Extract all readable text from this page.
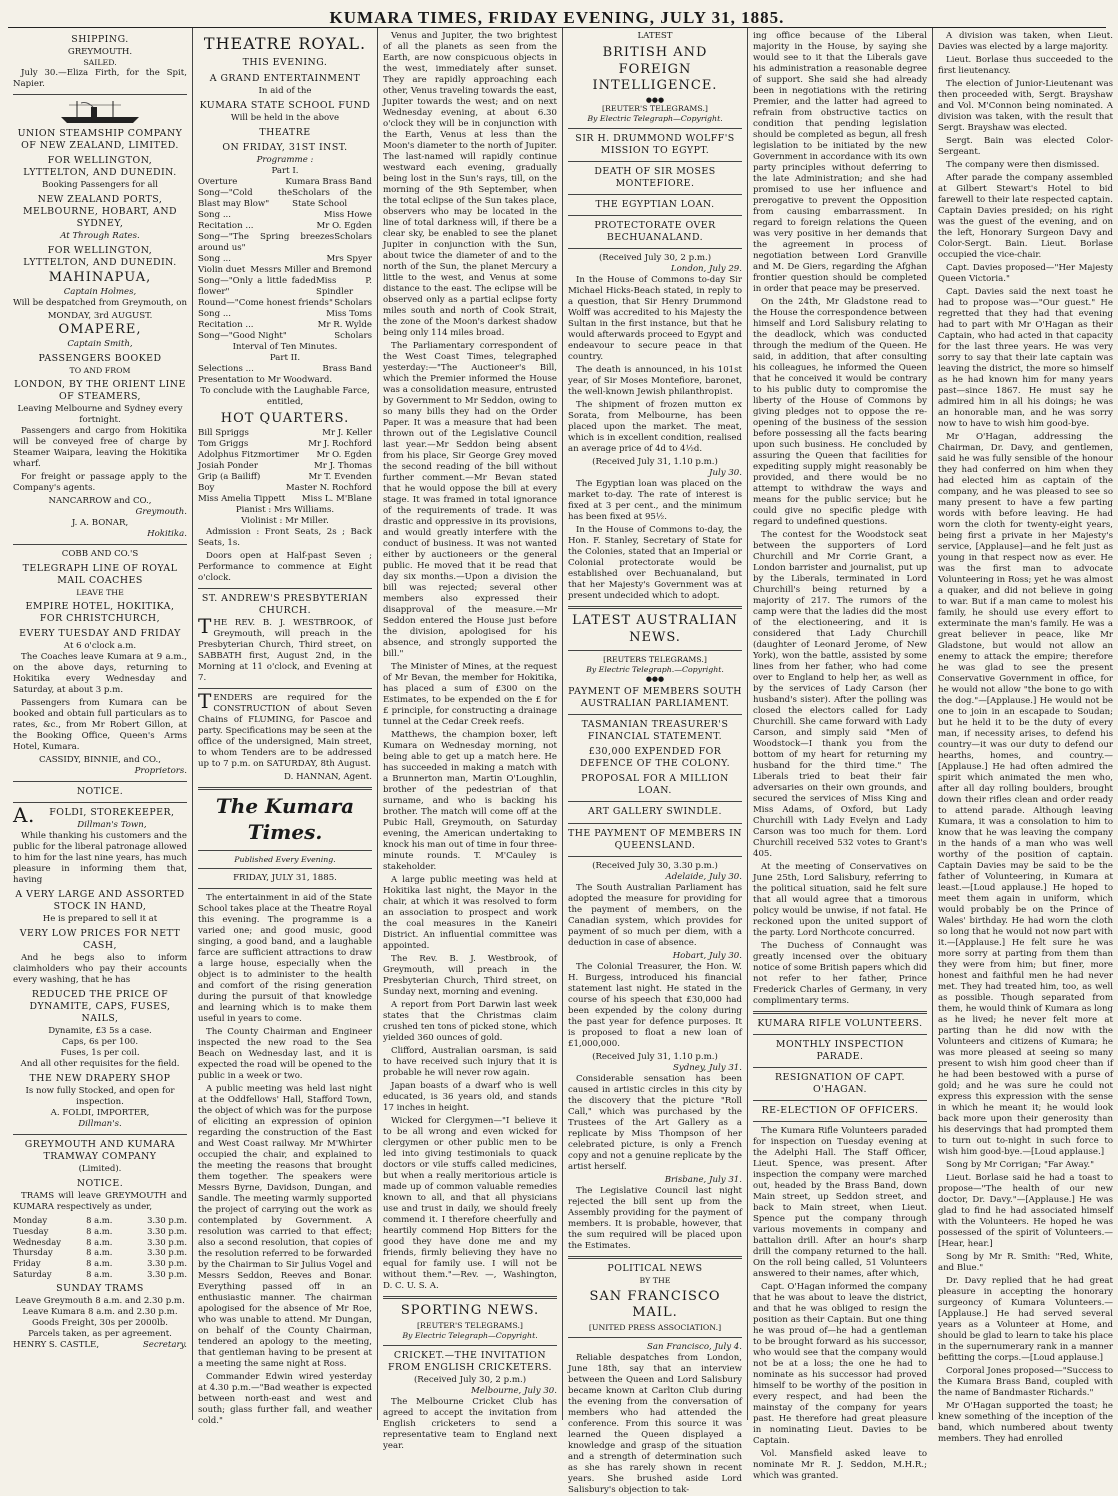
KUMARA TIMES, FRIDAY EVENING, JULY 31, 1885.
SHIPPING.
GREYMOUTH.
SAILED.

July 30.—Eliza Firth, for the Spit, Napier.

UNION STEAMSHIP COMPANY OF NEW ZEALAND, LIMITED.
FOR WELLINGTON, LYTTELTON, AND DUNEDIN.
Booking Passengers for all
NEW ZEALAND PORTS, MELBOURNE, HOBART, AND SYDNEY,
At Through Rates.
FOR WELLINGTON, LYTTELTON, AND DUNEDIN.
MAHINAPUA,
Captain Holmes,

Will be despatched from Greymouth, on

MONDAY, 3rd AUGUST.
OMAPERE,
Captain Smith,
PASSENGERS BOOKED
TO AND FROM
LONDON, BY THE ORIENT LINE OF STEAMERS,
Leaving Melbourne and Sydney every fortnight.

Passengers and cargo from Hokitika will be conveyed free of charge by Steamer Waipara, leaving the Hokitika wharf.

For freight or passage apply to the Company's agents.

NANCARROW and CO.,
Greymouth.
J. A. BONAR,
Hokitika.
COBB AND CO.'S
TELEGRAPH LINE OF ROYAL MAIL COACHES
LEAVE THE
EMPIRE HOTEL, HOKITIKA, FOR CHRISTCHURCH,
EVERY TUESDAY AND FRIDAY
At 6 o'clock a.m.

The Coaches leave Kumara at 9 a.m., on the above days, returning to Hokitika every Wednesday and Saturday, at about 3 p.m.

Passengers from Kumara can be booked and obtain full particulars as to rates, &c., from Mr Robert Gillon, at the Booking Office, Queen's Arms Hotel, Kumara.

CASSIDY, BINNIE, and CO.,
Proprietors.
NOTICE.
A.FOLDI, STOREKEEPER,
Dillman's Town,

While thanking his customers and the public for the liberal patronage allowed to him for the last nine years, has much pleasure in informing them that, having

A VERY LARGE AND ASSORTED STOCK IN HAND,
He is prepared to sell it at
VERY LOW PRICES FOR NETT CASH,

And he begs also to inform claimholders who pay their accounts every washing, that he has

REDUCED THE PRICE OF DYNAMITE, CAPS, FUSES, NAILS,
Dynamite, £3 5s a case.
Caps, 6s per 100.
Fuses, 1s per coil.
And all other requisites for the field.
THE NEW DRAPERY SHOP
Is now fully Stocked, and open for inspection.
A. FOLDI, IMPORTER,
Dillman's.
GREYMOUTH AND KUMARA TRAMWAY COMPANY
(Limited).
NOTICE.

TRAMS will leave GREYMOUTH and KUMARA respectively as under,

Monday	8 a.m.	3.30 p.m.
Tuesday	8 a.m.	3.30 p.m.
Wednesday	8 a.m.	3.30 p.m.
Thursday	8 a.m.	3.30 p.m.
Friday	8 a.m.	3.30 p.m.
Saturday	8 a.m.	3.30 p.m.
SUNDAY TRAMS
Leave Greymouth 8 a.m. and 2.30 p.m.
Leave Kumara 8 a.m. and 2.30 p.m.
Goods Freight, 30s per 2000lb.
Parcels taken, as per agreement.
HENRY S. CASTLE,	Secretary.
THEATRE ROYAL.
THIS EVENING.
A GRAND ENTERTAINMENT
In aid of the
KUMARA STATE SCHOOL FUND
Will be held in the above
THEATRE
ON FRIDAY, 31ST INST.
Programme :
Part I.
Overture	Kumara Brass Band
Song—"Cold the Blast may Blow"
Scholars of the State School
Song ...	Miss Howe
Recitation ...	Mr O. Egden
Song—"The Spring breezes around us"
Scholars
Song ...	Mrs Spyer
Violin duet Messrs Miller and Bremond
Song—"Only a little faded flower"
Miss P. Spindler
Round—"Come honest friends" Scholars
Song ...	Miss Toms
Recitation ...	Mr R. Wylde
Song—"Good Night"	Scholars
Interval of Ten Minutes.
Part II.
Selections ...	Brass Band
Presentation to Mr Woodward.
To conclude with the Laughable Farce, entitled,
HOT QUARTERS.
Bill Spriggs	Mr J. Keller
Tom Griggs	Mr J. Rochford
Adolphus Fitzmortimer Mr O. Egden
Josiah Ponder	Mr J. Thomas
Grip (a Bailiff)	Mr T. Evenden
Boy	Master N. Rochford
Miss Amelia Tippett Miss L. M'Blane
Pianist : Mrs Williams.
Violinist : Mr Miller.

Admission : Front Seats, 2s ; Back Seats, 1s.

Doors open at Half-past Seven ; Performance to commence at Eight o'clock.

ST. ANDREW'S PRESBYTERIAN CHURCH.

THE REV. B. J. WESTBROOK, of Greymouth, will preach in the Presbyterian Church, Third street, on SABBATH first, August 2nd, in the Morning at 11 o'clock, and Evening at 7.

TENDERS are required for the CONSTRUCTION of about Seven Chains of FLUMING, for Pascoe and party. Specifications may be seen at the office of the undersigned, Main street, to whom Tenders are to be addressed up to 7 p.m. on SATURDAY, 8th August.

D. HANNAN, Agent.
The Kumara Times.
Published Every Evening.
FRIDAY, JULY 31, 1885.

The entertainment in aid of the State School takes place at the Theatre Royal this evening. The programme is a varied one; and good music, good singing, a good band, and a laughable farce are sufficient attractions to draw a large house, especially when the object is to administer to the health and comfort of the rising generation during the pursuit of that knowledge and learning which is to make them useful in years to come.

The County Chairman and Engineer inspected the new road to the Sea Beach on Wednesday last, and it is expected the road will be opened to the public in a week or two.

A public meeting was held last night at the Oddfellows' Hall, Stafford Town, the object of which was for the purpose of eliciting an expression of opinion regarding the construction of the East and West Coast railway. Mr M'Whirter occupied the chair, and explained to the meeting the reasons that brought them together. The speakers were Messrs Byrne, Davidson, Dungan, and Sandle. The meeting warmly supported the project of carrying out the work as contemplated by Government. A resolution was carried to that effect; also a second resolution, that copies of the resolution referred to be forwarded by the Chairman to Sir Julius Vogel and Messrs Seddon, Reeves and Bonar. Everything passed off in an enthusiastic manner. The chairman apologised for the absence of Mr Roe, who was unable to attend. Mr Dungan, on behalf of the County Chairman, tendered an apology to the meeting, that gentleman having to be present at a meeting the same night at Ross.

Commander Edwin wired yesterday at 4.30 p.m.—"Bad weather is expected between north-east and west and south; glass further fall, and weather cold."

Venus and Jupiter, the two brightest of all the planets as seen from the Earth, are now conspicuous objects in the west, immediately after sunset. They are rapidly approaching each other, Venus traveling towards the east, Jupiter towards the west; and on next Wednesday evening, at about 6.30 o'clock they will be in conjunction with the Earth, Venus at less than the Moon's diameter to the north of Jupiter. The last-named will rapidly continue westward each evening, gradually being lost in the Sun's rays, till, on the morning of the 9th September, when the total eclipse of the Sun takes place, observers who may be located in the line of total darkness will, if there be a clear sky, be enabled to see the planet Jupiter in conjunction with the Sun, about twice the diameter of and to the north of the Sun, the planet Mercury a little to the west, and Venus at some distance to the east. The eclipse will be observed only as a partial eclipse forty miles south and north of Cook Strait, the zone of the Moon's darkest shadow being only 114 miles broad.

The Parliamentary correspondent of the West Coast Times, telegraphed yesterday:—"The Auctioneer's Bill, which the Premier informed the House was a consolidation measure, entrusted by Government to Mr Seddon, owing to so many bills they had on the Order Paper. It was a measure that had been thrown out of the Legislative Council last year.—Mr Seddon being absent from his place, Sir George Grey moved the second reading of the bill without further comment.—Mr Bevan stated that he would oppose the bill at every stage. It was framed in total ignorance of the requirements of trade. It was drastic and oppressive in its provisions, and would greatly interfere with the conduct of business. It was not wanted either by auctioneers or the general public. He moved that it be read that day six months.—Upon a division the bill was rejected; several other members also expressed their disapproval of the measure.—Mr Seddon entered the House just before the division, apologised for his absence, and strongly supported the bill."

The Minister of Mines, at the request of Mr Bevan, the member for Hokitika, has placed a sum of £300 on the Estimates, to be expended on the £ for £ principle, for constructing a drainage tunnel at the Cedar Creek reefs.

Matthews, the champion boxer, left Kumara on Wednesday morning, not being able to get up a match here. He has succeeded in making a match with a Brunnerton man, Martin O'Loughlin, brother of the pedestrian of that surname, and who is backing his brother. The match will come off at the Pubic Hall, Greymouth, on Saturday evening, the American undertaking to knock his man out of time in four three-minute rounds. T. M'Cauley is stakeholder.

A large public meeting was held at Hokitika last night, the Mayor in the chair, at which it was resolved to form an association to prospect and work the coal measures in the Kaneiri District. An influential committee was appointed.

The Rev. B. J. Westbrook, of Greymouth, will preach in the Presbyterian Church, Third street, on Sunday next, morning and evening.

A report from Port Darwin last week states that the Christmas claim crushed ten tons of picked stone, which yielded 360 ounces of gold.

Clifford, Australian oarsman, is said to have received such injury that it is probable he will never row again.

Japan boasts of a dwarf who is well educated, is 36 years old, and stands 17 inches in height.

Wicked for Clergymen—"I believe it to be all wrong and even wicked for clergymen or other public men to be led into giving testimonials to quack doctors or vile stuffs called medicines, but when a really meritorious article is made up of common valuable remedies known to all, and that all physicians use and trust in daily, we should freely commend it. I therefore cheerfully and heartily commend Hop Bitters for the good they have done me and my friends, firmly believing they have no equal for family use. I will not be without them."—Rev. —, Washington, D. C. U. S. A.

SPORTING NEWS.
[REUTER'S TELEGRAMS.]
By Electric Telegraph—Copyright.
CRICKET.—THE INVITATION FROM ENGLISH CRICKETERS.
(Received July 30, 2 p.m.)
Melbourne, July 30.

The Melbourne Cricket Club has agreed to accept the invitation from English cricketers to send a representative team to England next year.

LATEST
BRITISH AND FOREIGN INTELLIGENCE.
●●●
[REUTER'S TELEGRAMS.]
By Electric Telegraph—Copyright.
SIR H. DRUMMOND WOLFF'S MISSION TO EGYPT.
DEATH OF SIR MOSES MONTEFIORE.
THE EGYPTIAN LOAN.
PROTECTORATE OVER BECHUANALAND.
(Received July 30, 2 p.m.)
London, July 29.

In the House of Commons to-day Sir Michael Hicks-Beach stated, in reply to a question, that Sir Henry Drummond Wolff was accredited to his Majesty the Sultan in the first instance, but that he would afterwards proceed to Egypt and endeavour to secure peace in that country.

The death is announced, in his 101st year, of Sir Moses Montefiore, baronet, the well-known Jewish philanthropist.

The shipment of frozen mutton ex Sorata, from Melbourne, has been placed upon the market. The meat, which is in excellent condition, realised an average price of 4d to 4½d.

(Received July 31, 1.10 p.m.)
July 30.

The Egyptian loan was placed on the market to-day. The rate of interest is fixed at 3 per cent., and the minimum has been fixed at 95½.

In the House of Commons to-day, the Hon. F. Stanley, Secretary of State for the Colonies, stated that an Imperial or Colonial protectorate would be established over Bechuanaland, but that her Majesty's Government was at present undecided which to adopt.

LATEST AUSTRALIAN NEWS.
[REUTERS TELEGRAMS.]
By Electric Telegraph.—Copyright.
●●●
PAYMENT OF MEMBERS SOUTH AUSTRALIAN PARLIAMENT.
TASMANIAN TREASURER'S FINANCIAL STATEMENT.
£30,000 EXPENDED FOR DEFENCE OF THE COLONY.
PROPOSAL FOR A MILLION LOAN.
ART GALLERY SWINDLE.
THE PAYMENT OF MEMBERS IN QUEENSLAND.
(Received July 30, 3.30 p.m.)
Adelaide, July 30.

The South Australian Parliament has adopted the measure for providing for the payment of members, on the Canadian system, which provides for payment of so much per diem, with a deduction in case of absence.

Hobart, July 30.

The Colonial Treasurer, the Hon. W. H. Burgess, introduced his financial statement last night. He stated in the course of his speech that £30,000 had been expended by the colony during the past year for defence purposes. It is proposed to float a new loan of £1,000,000.

(Received July 31, 1.10 p.m.)
Sydney, July 31.

Considerable sensation has been caused in artistic circles in this city by the discovery that the picture "Roll Call," which was purchased by the Trustees of the Art Gallery as a replicate by Miss Thompson of her celebrated picture, is only a French copy and not a genuine replicate by the artist herself.

Brisbane, July 31.

The Legislative Council last night rejected the bill sent up from the Assembly providing for the payment of members. It is probable, however, that the sum required will be placed upon the Estimates.

POLITICAL NEWS
BY THE
SAN FRANCISCO MAIL.
[UNITED PRESS ASSOCIATION.]
San Francisco, July 4.

Reliable despatches from London, June 18th, say that an interview between the Queen and Lord Salisbury became known at Carlton Club during the evening from the conversation of members who had attended the conference. From this source it was learned the Queen displayed a knowledge and grasp of the situation and a strength of determination such as she has rarely shown in recent years. She brushed aside Lord Salisbury's objection to tak-

ing office because of the Liberal majority in the House, by saying she would see to it that the Liberals gave his administration a reasonable degree of support. She said she had already been in negotiations with the retiring Premier, and the latter had agreed to refrain from obstructive tactics on condition that pending legislation should be completed as begun, all fresh legislation to be initiated by the new Government in accordance with its own party principles without deferring to the late Administration; and she had promised to use her influence and prerogative to prevent the Opposition from causing embarrassment. In regard to foreign relations the Queen was very positive in her demands that the agreement in process of negotiation between Lord Granville and M. De Giers, regarding the Afghan frontier question should be completed in order that peace may be preserved.

On the 24th, Mr Gladstone read to the House the correspondence between himself and Lord Salisbury relating to the deadlock, which was conducted through the medium of the Queen. He said, in addition, that after consulting his colleagues, he informed the Queen that he conceived it would be contrary to his public duty to compromise the liberty of the House of Commons by giving pledges not to oppose the re-opening of the business of the session before possessing all the facts bearing upon such business. He concluded by assuring the Queen that facilities for expediting supply might reasonably be provided, and there would be no attempt to withdraw the ways and means for the public service; but he could give no specific pledge with regard to undefined questions.

The contest for the Woodstock seat between the supporters of Lord Churchill and Mr Corrie Grant, a London barrister and journalist, put up by the Liberals, terminated in Lord Churchill's being returned by a majority of 217. The rumors of the camp were that the ladies did the most of the electioneering, and it is considered that Lady Churchill (daughter of Leonard Jerome, of New York), won the battle, assisted by some lines from her father, who had come over to England to help her, as well as by the services of Lady Carson (her husband's sister). After the polling was closed the electors called for Lady Churchill. She came forward with Lady Carson, and simply said "Men of Woodstock—I thank you from the bottom of my heart for returning my husband for the third time." The Liberals tried to beat their fair adversaries on their own grounds, and secured the services of Miss King and Miss Adams, of Oxford, but Lady Churchill with Lady Evelyn and Lady Carson was too much for them. Lord Churchill received 532 votes to Grant's 405.

At the meeting of Conservatives on June 25th, Lord Salisbury, referring to the political situation, said he felt sure that all would agree that a timorous policy would be unwise, if not fatal. He reckoned upon the united support of the party. Lord Northcote concurred.

The Duchess of Connaught was greatly incensed over the obituary notice of some British papers which did not refer to her father, Prince Frederick Charles of Germany, in very complimentary terms.

KUMARA RIFLE VOLUNTEERS.
MONTHLY INSPECTION PARADE.
RESIGNATION OF CAPT. O'HAGAN.
RE-ELECTION OF OFFICERS.

The Kumara Rifle Volunteers paraded for inspection on Tuesday evening at the Adelphi Hall. The Staff Officer, Lieut. Spence, was present. After inspection the company were marched out, headed by the Brass Band, down Main street, up Seddon street, and back to Main street, when Lieut. Spence put the company through various movements in company and battalion drill. After an hour's sharp drill the company returned to the hall. On the roll being called, 51 Volunteers answered to their names, after which,

Capt. O'Hagan informed the company that he was about to leave the district, and that he was obliged to resign the position as their Captain. But one thing he was proud of—he had a gentleman to be brought forward as his successor, who would see that the company would not be at a loss; the one he had to nominate as his successor had proved himself to be worthy of the position in every respect, and had been the mainstay of the company for years past. He therefore had great pleasure in nominating Lieut. Davies to be Captain.

Vol. Mansfield asked leave to nominate Mr R. J. Seddon, M.H.R.; which was granted.

A division was taken, when Lieut. Davies was elected by a large majority.

Lieut. Borlase thus succeeded to the first lieutenancy.

The election of Junior-Lieutenant was then proceeded with, Sergt. Brayshaw and Vol. M'Connon being nominated. A division was taken, with the result that Sergt. Brayshaw was elected.

Sergt. Bain was elected Color-Sergeant.

The company were then dismissed.

After parade the company assembled at Gilbert Stewart's Hotel to bid farewell to their late respected captain. Captain Davies presided; on his right was the guest of the evening, and on the left, Honorary Surgeon Davy and Color-Sergt. Bain. Lieut. Borlase occupied the vice-chair.

Capt. Davies proposed—"Her Majesty Queen Victoria."

Capt. Davies said the next toast he had to propose was—"Our guest." He regretted that they had that evening had to part with Mr O'Hagan as their Captain, who had acted in that capacity for the last three years. He was very sorry to say that their late captain was leaving the district, the more so himself as he had known him for many years past—since 1867. He must say he admired him in all his doings; he was an honorable man, and he was sorry now to have to wish him good-bye.

Mr O'Hagan, addressing the Chairman, Dr. Davy, and gentlemen, said he was fully sensible of the honour they had conferred on him when they had elected him as captain of the company, and he was pleased to see so many present to have a few parting words with before leaving. He had worn the cloth for twenty-eight years, being first a private in her Majesty's service, [Applause]—and he felt just as young in that respect now as ever. He was the first man to advocate Volunteering in Ross; yet he was almost a quaker, and did not believe in going to war. But if a man came to molest his family, he should use every effort to exterminate the man's family. He was a great believer in peace, like Mr Gladstone, but would not allow an enemy to attack the empire; therefore he was glad to see the present Conservative Government in office, for he would not allow "the bone to go with the dog."—[Applause.] He would not be one to join in an escapade to Soudan; but he held it to be the duty of every man, if necessity arises, to defend his country—it was our duty to defend our hearths, homes, and country.—[Applause.] He had often admired the spirit which animated the men who, after all day rolling boulders, brought down their rifles clean and order ready to attend parade. Although leaving Kumara, it was a consolation to him to know that he was leaving the company in the hands of a man who was well worthy of the position of captain. Captain Davies may be said to be the father of Volunteering, in Kumara at least.—[Loud applause.] He hoped to meet them again in uniform, which would probably be on the Prince of Wales' birthday. He had worn the cloth so long that he would not now part with it.—[Applause.] He felt sure he was more sorry at parting from them than they were from him; but finer, more honest and faithful men he had never met. They had treated him, too, as well as possible. Though separated from them, he would think of Kumara as long as he lived; he never felt more at parting than he did now with the Volunteers and citizens of Kumara; he was more pleased at seeing so many present to wish him good cheer than if he had been bestowed with a purse of gold; and he was sure he could not express this expression with the sense in which he meant it; he would look back more upon their generosity than his deservings that had prompted them to turn out to-night in such force to wish him good-bye.—[Loud applause.]

Song by Mr Corrigan; "Far Away."

Lieut. Borlase said he had a toast to propose—"The health of our new doctor, Dr. Davy."—[Applause.] He was glad to find he had associated himself with the Volunteers. He hoped he was possessed of the spirit of Volunteers.—[Hear, hear.]

Song by Mr R. Smith: "Red, White, and Blue."

Dr. Davy replied that he had great pleasure in accepting the honorary surgeoncy of Kumara Volunteers.—[Applause.] He had served several years as a Volunteer at Home, and should be glad to learn to take his place in the supernumerary rank in a manner befitting the corps.—[Loud applause.]

Corporal Jones proposed—"Success to the Kumara Brass Band, coupled with the name of Bandmaster Richards."

Mr O'Hagan supported the toast; he knew something of the inception of the band, which numbered about twenty members. They had enrolled
